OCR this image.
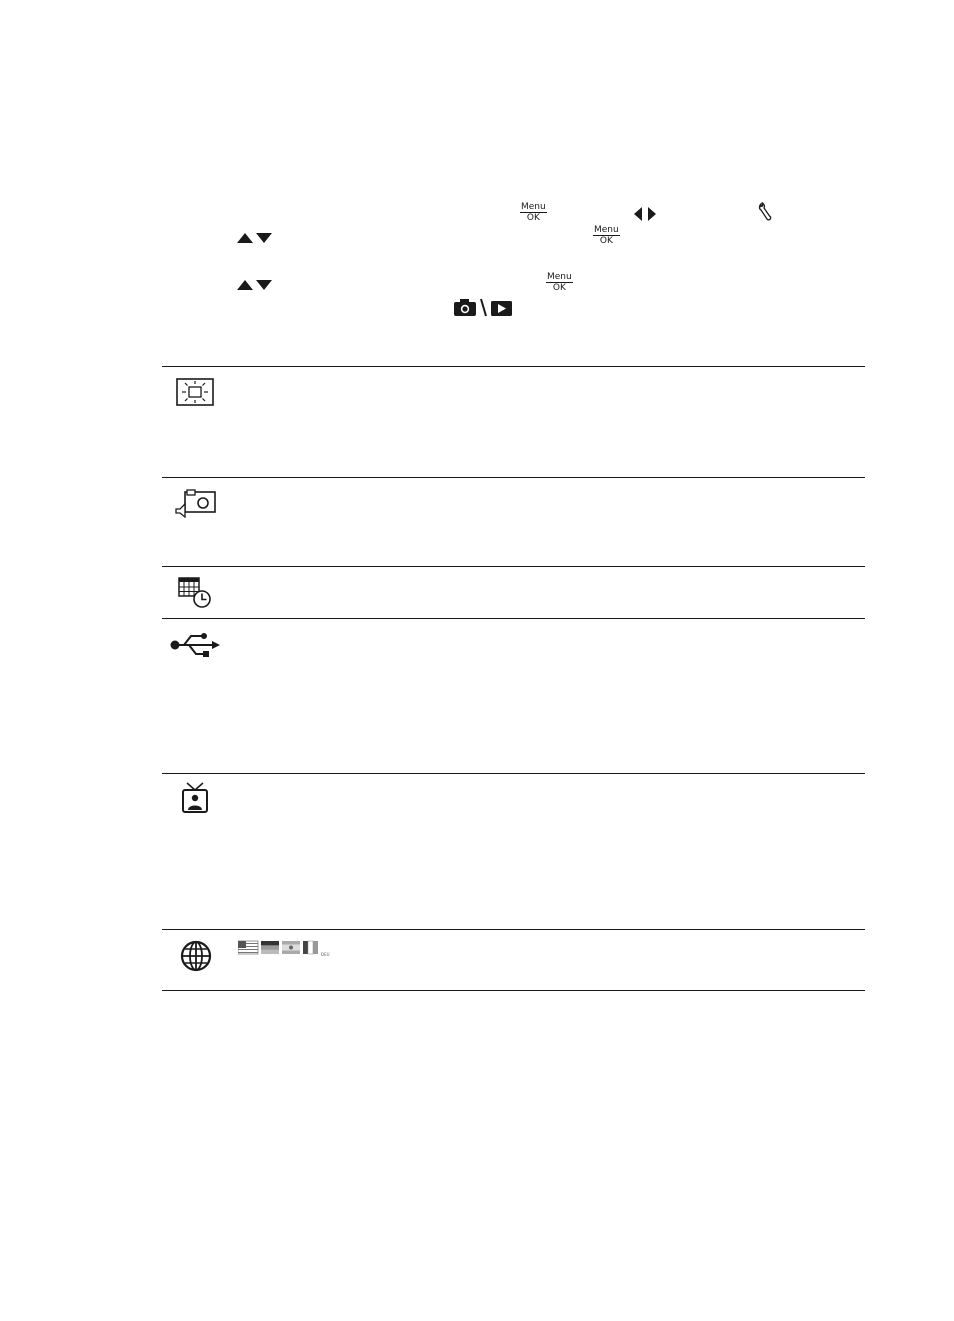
Menu
OK
Menu
OK
Menu
OK
DEU
